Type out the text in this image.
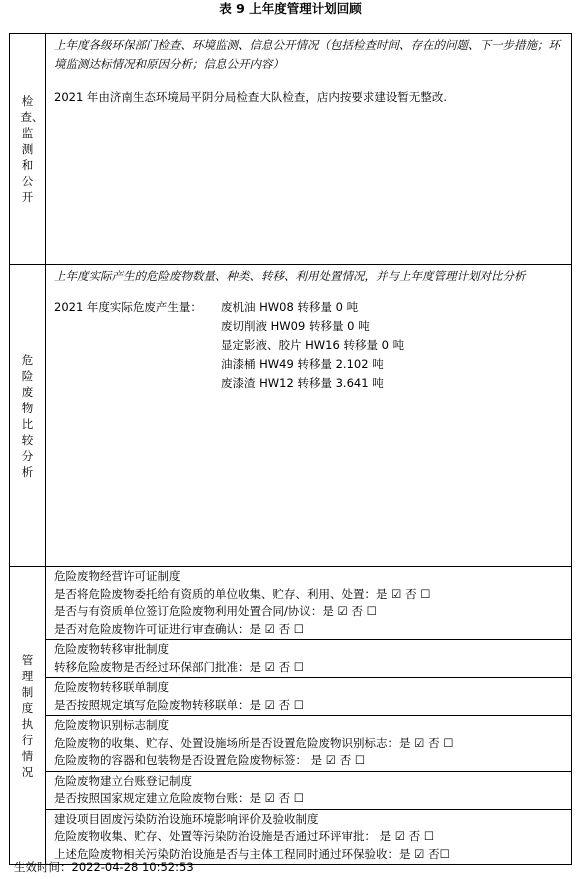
表 9 上年度管理计划回顾
检查、监测和公开	
上年度各级环保部门检查、环境监测、信息公开情况（包括检查时间、存在的问题、下一步措施；环境监测达标情况和原因分析；信息公开内容）
2021 年由济南生态环境局平阴分局检查大队检查，店内按要求建设暂无整改.

危险废物比较分析	
上年度实际产生的危险废物数量、种类、转移、利用处置情况，并与上年度管理计划对比分析
2021 年度实际危废产生量：	废机油 HW08 转移量 0 吨
废切削液 HW09 转移量 0 吨
显定影液、胶片 HW16 转移量 0 吨
油漆桶 HW49 转移量 2.102 吨
废漆渣 HW12 转移量 3.641 吨

管理制度执行情况	
危险废物经营许可证制度
是否将危险废物委托给有资质的单位收集、贮存、利用、处置：是 ☑ 否 ☐
是否与有资质单位签订危险废物利用处置合同/协议：是 ☑ 否 ☐
是否对危险废物许可证进行审查确认：是 ☑ 否 ☐

危险废物转移审批制度
转移危险废物是否经过环保部门批准：是 ☑ 否 ☐

危险废物转移联单制度
是否按照规定填写危险废物转移联单：是 ☑ 否 ☐

危险废物识别标志制度
危险废物的收集、贮存、处置设施场所是否设置危险废物识别标志：是 ☑ 否 ☐
危险废物的容器和包装物是否设置危险废物标签： 是 ☑ 否 ☐

危险废物建立台账登记制度
是否按照国家规定建立危险废物台账：是 ☑ 否 ☐

建设项目固废污染防治设施环境影响评价及验收制度
危险废物收集、贮存、处置等污染防治设施是否通过环评审批： 是 ☑ 否 ☐
上述危险废物相关污染防治设施是否与主体工程同时通过环保验收：是 ☑ 否☐
生效时间：2022-04-28 10:52:53
